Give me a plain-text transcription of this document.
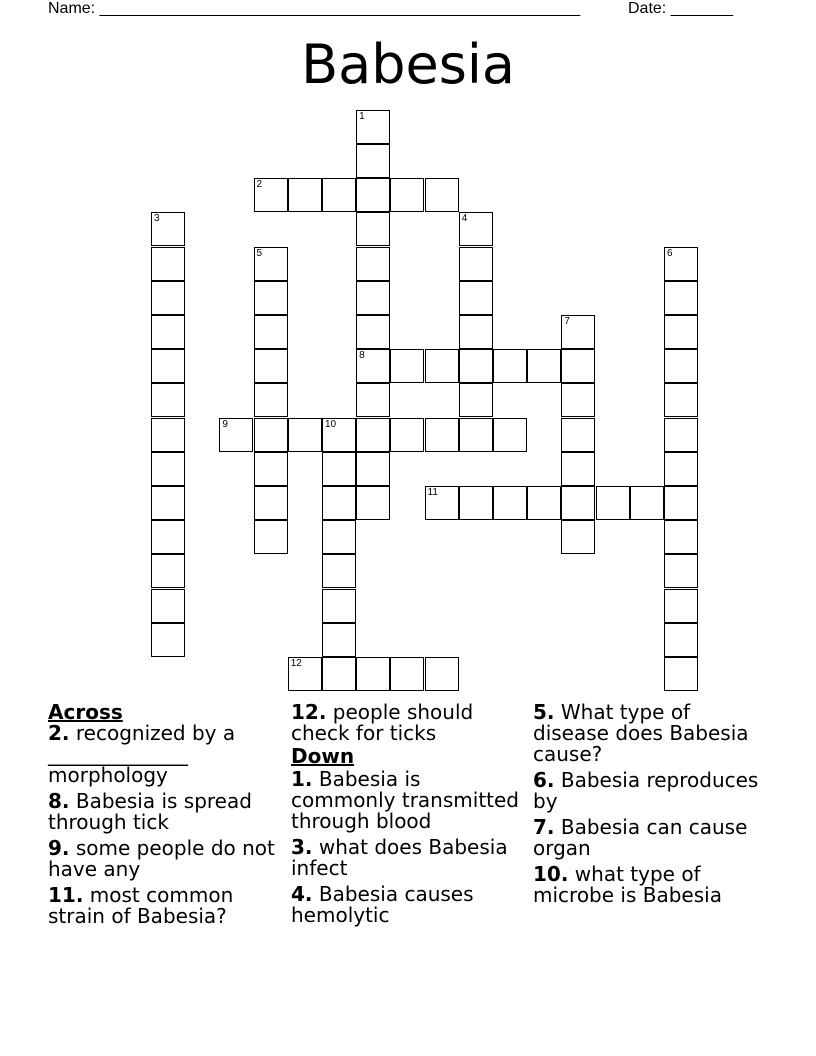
Name: ______________________________________________________	Date: _______
Babesia
1
8
2
3	4
5	6
7
9	10
11
12

Across

2. recognized by a ______________ morphology

8. Babesia is spread through tick

9. some people do not have any

11. most common strain of Babesia?

12. people should check for ticks

Down

1. Babesia is commonly transmitted through blood

3. what does Babesia infect

4. Babesia causes hemolytic

5. What type of disease does Babesia cause?

6. Babesia reproduces by

7. Babesia can cause organ

10. what type of microbe is Babesia
